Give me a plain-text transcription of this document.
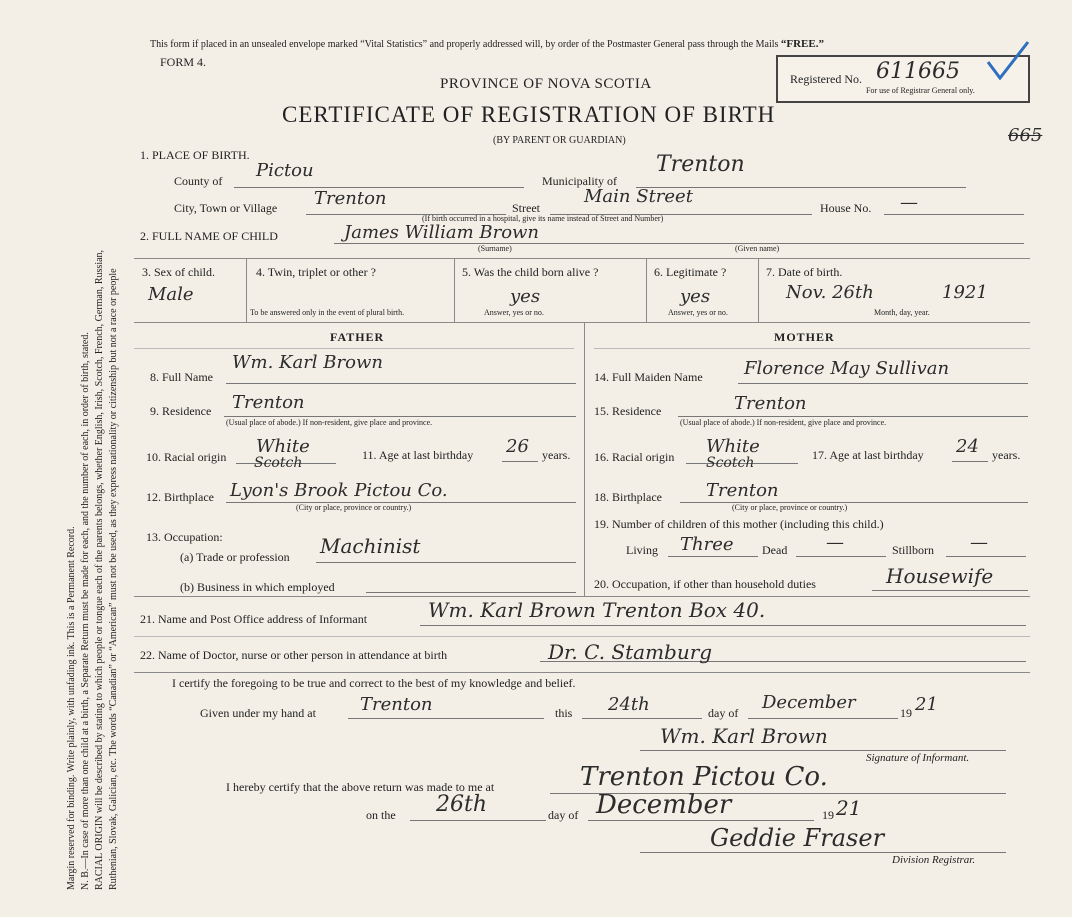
Margin reserved for binding. Write plainly, with unfading ink. This is a Permanent Record. N. B.—In case of more than one child at a birth, a Separate Return must be made for each, and the number of each, in order of birth, stated. RACIAL ORIGIN will be described by stating to which people or tongue each of the parents belongs, whether English, Irish, Scotch, French, German, Russian, Ruthenian, Slovak, Galician, etc. The words “Canadian” or “American” must not be used, as they express nationality or citizenship but not a race or people
This form if placed in an unsealed envelope marked “Vital Statistics” and properly addressed will, by order of the Postmaster General pass through the Mails “FREE.”
FORM 4.
PROVINCE OF NOVA SCOTIA
CERTIFICATE OF REGISTRATION OF BIRTH
(BY PARENT OR GUARDIAN)
Registered No. 611665
For use of Registrar General only.
665
1. PLACE OF BIRTH.
County of Pictou	Municipality of
Trenton
City, Town or Village Trenton	Street
Main Street
House No. —
(If birth occurred in a hospital, give its name instead of Street and Number)
2. FULL NAME OF CHILD	James William Brown
(Surname)	(Given name)
3. Sex of child.
Male
4. Twin, triplet or other ?
To be answered only in the event of plural birth.
5. Was the child born alive ?
yes
Answer, yes or no.
6. Legitimate ?
yes
Answer, yes or no.
7. Date of birth.
Nov. 26th	1921
Month, day, year.
FATHER	MOTHER
8. Full Name
Wm. Karl Brown
9. Residence Trenton
(Usual place of abode.) If non-resident, give place and province.
10. Racial origin White
Scotch	11. Age at last birthday 26 years.
12. Birthplace Lyon's Brook Pictou Co.
(City or place, province or country.)
13. Occupation:
(a) Trade or profession Machinist
(b) Business in which employed
14. Full Maiden Name Florence May Sullivan
15. Residence	Trenton
(Usual place of abode.) If non-resident, give place and province.
16. Racial origin White
Scotch	17. Age at last birthday 24 years.
18. Birthplace Trenton
(City or place, province or country.)
19. Number of children of this mother (including this child.)
Living Three Dead —	Stillborn —
20. Occupation, if other than household duties	Housewife
21. Name and Post Office address of Informant	Wm. Karl Brown Trenton Box 40.
22. Name of Doctor, nurse or other person in attendance at birth	Dr. C. Stamburg
I certify the foregoing to be true and correct to the best of my knowledge and belief.
Given under my hand at Trenton	this 24th	day of December	19 21
Wm. Karl Brown
Signature of Informant.
I hereby certify that the above return was made to me at	Trenton Pictou Co.
on the 26th	day of December	19 21
Geddie Fraser
Division Registrar.
